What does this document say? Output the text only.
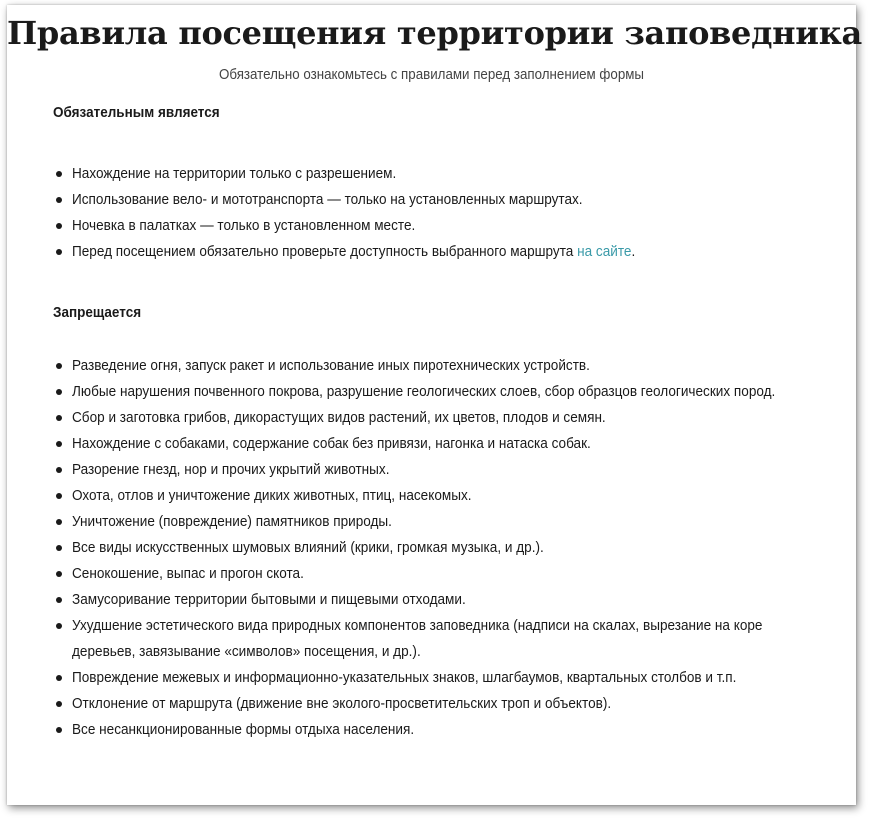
Правила посещения территории заповедника
Обязательно ознакомьтесь с правилами перед заполнением формы
Обязательным является
Нахождение на территории только с разрешением.
Использование вело- и мототранспорта — только на установленных маршрутах.
Ночевка в палатках — только в установленном месте.
Перед посещением обязательно проверьте доступность выбранного маршрута на сайте.
Запрещается
Разведение огня, запуск ракет и использование иных пиротехнических устройств.
Любые нарушения почвенного покрова, разрушение геологических слоев, сбор образцов геологических пород.
Сбор и заготовка грибов, дикорастущих видов растений, их цветов, плодов и семян.
Нахождение с собаками, содержание собак без привязи, нагонка и натаска собак.
Разорение гнезд, нор и прочих укрытий животных.
Охота, отлов и уничтожение диких животных, птиц, насекомых.
Уничтожение (повреждение) памятников природы.
Все виды искусственных шумовых влияний (крики, громкая музыка, и др.).
Сенокошение, выпас и прогон скота.
Замусоривание территории бытовыми и пищевыми отходами.
Ухудшение эстетического вида природных компонентов заповедника (надписи на скалах, вырезание на коре деревьев, завязывание «символов» посещения, и др.).
Повреждение межевых и информационно-указательных знаков, шлагбаумов, квартальных столбов и т.п.
Отклонение от маршрута (движение вне эколого-просветительских троп и объектов).
Все несанкционированные формы отдыха населения.
